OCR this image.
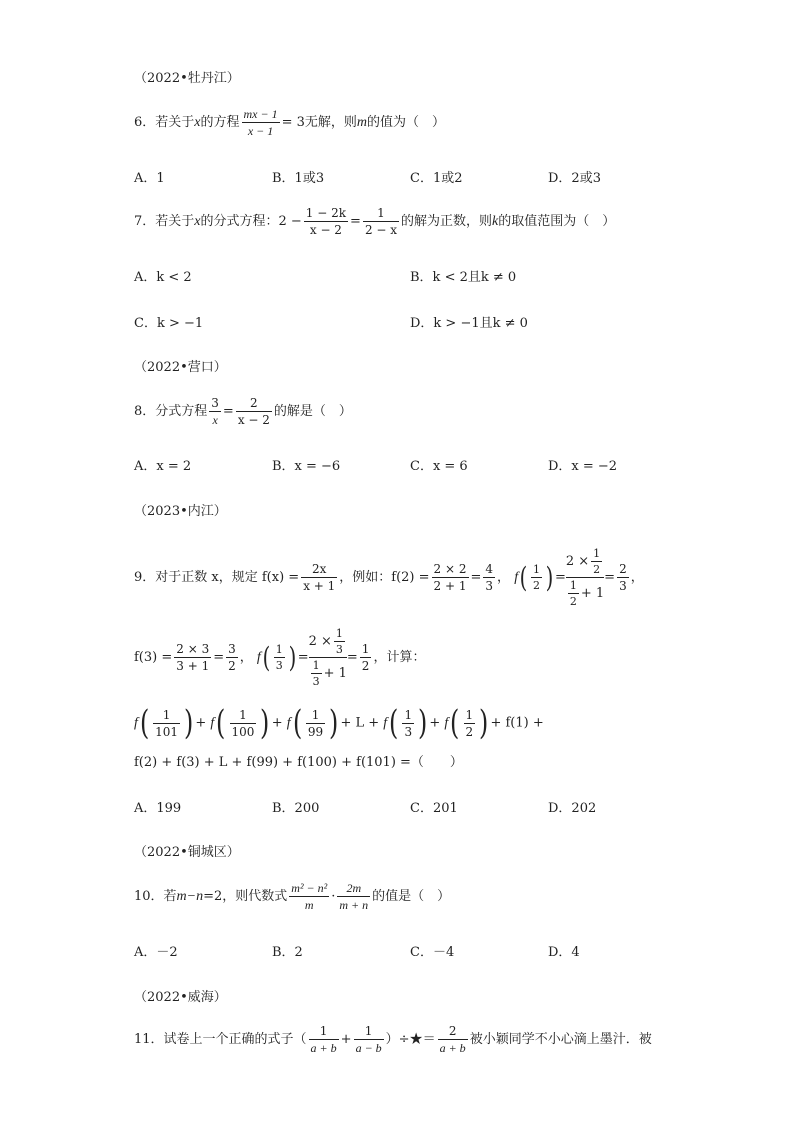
（2022•牡丹江）
6．若关于x的方程 $\frac{mx - 1}{x - 1} = 3$无解，则m的值为（　）
A．1	B．1或3	C．1或2	D．2或3
7．若关于x的分式方程：$2 - \frac{1 - 2k}{x - 2} = \frac{1}{2 - x}$ 的解为正数，则k的取值范围为（　）
A．k < 2	B．k < 2且k ≠ 0
C．k > −1	D．k > −1且k ≠ 0
（2022•营口）
8．分式方程 $\frac{3}{x} = \frac{2}{x - 2}$ 的解是（　）
A．x = 2	B．x = −6	C．x = 6	D．x = −2
（2023•内江）
9．对于正数 x，规定 $f(x) = \frac{2x}{x + 1}$ ，例如：$f(2) = \frac{2 \times 2}{2 + 1} = \frac{4}{3}$ ， $f( \frac{1}{2}$ ) = $\frac{2 \times \frac{1}{2}}{\frac{1}{2} + 1} = \frac{2}{3}$ ，
$f(3) = \frac{2 \times 3}{3 + 1} = \frac{3}{2}$ ， $f( \frac{1}{3}$ ) = $\frac{2 \times \frac{1}{3}}{\frac{1}{3} + 1} = \frac{1}{2}$ ，计算：
$f( \frac{1}{101}$ ) + $f( \frac{1}{100}$ ) + $f( \frac{1}{99}$ ) + $L + f( \frac{1}{3}$ ) + $f( \frac{1}{2}$ ) + f(1) +
f(2) + f(3) + L + f(99) + f(100) + f(101) =（　　）
A．199	B．200	C．201	D．202
（2022•铜城区）
10．若m−n=2，则代数式 $\frac{\text{m² − n²}}{m} \cdot \frac{2m}{m + n}$ 的值是（　）
A．－2	B．2	C．－4	D．4
（2022•威海）
11．试卷上一个正确的式子（ $\frac{1}{a + b} + \frac{1}{a - b}$ ）÷★＝ $\frac{2}{a + b}$ 被小颖同学不小心滴上墨汁．被
